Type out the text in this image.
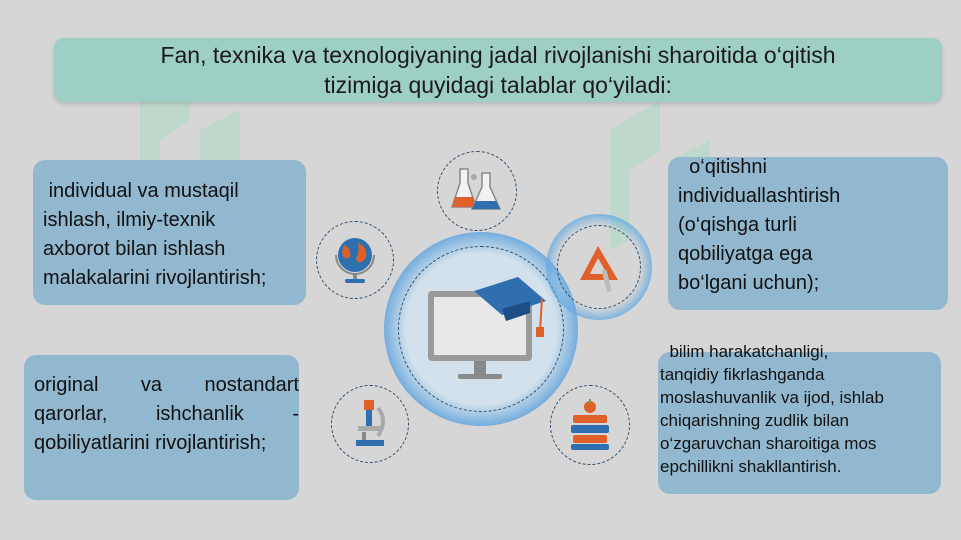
Fan, texnika va texnologiyaning jadal rivojlanishi sharoitida o‘qitish
tizimiga quyidagi talablar qo‘yiladi:
individual va mustaqil
ishlash, ilmiy-texnik
axborot bilan ishlash
malakalarini rivojlantirish;
o‘qitishni
individuallashtirish
(o‘qishga turli
qobiliyatga ega
bo‘lgani uchun);
original va nostandart qarorlar, ishchanlik - qobiliyatlarini rivojlantirish;
bilim harakatchanligi,
tanqidiy fikrlashganda
moslashuvanlik va ijod, ishlab
chiqarishning zudlik bilan
o‘zgaruvchan sharoitiga mos
epchillikni shakllantirish.
